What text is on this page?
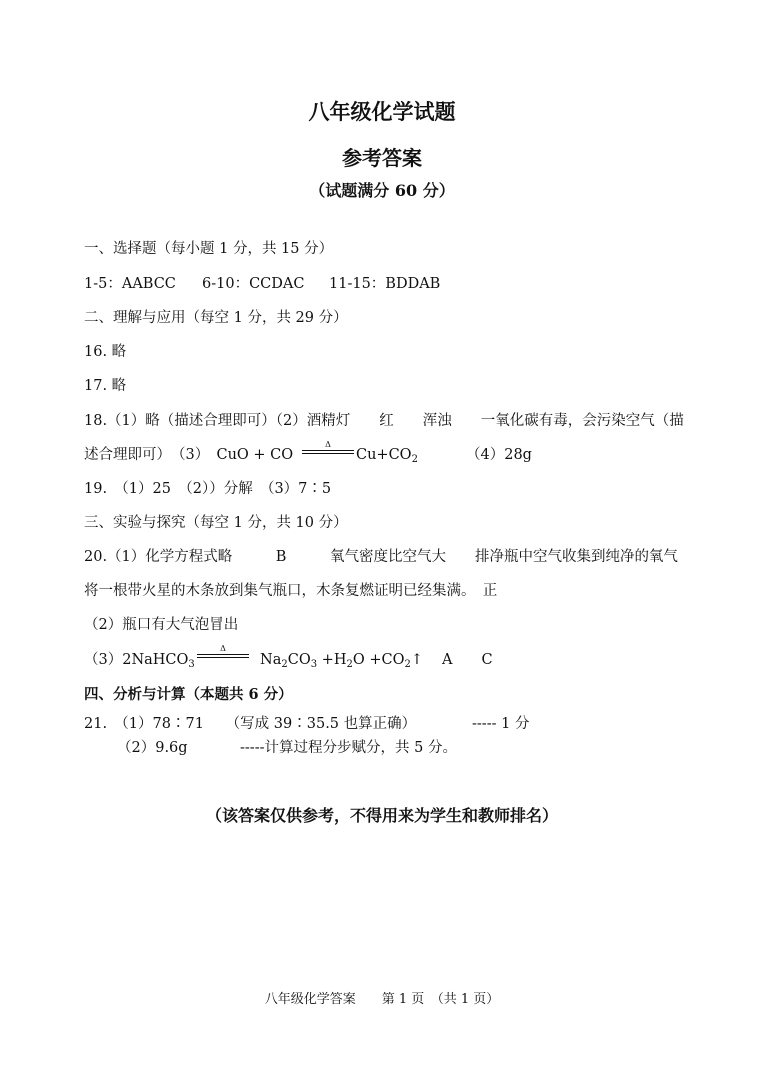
八年级化学试题
参考答案
（试题满分 60 分）
一、选择题（每小题 1 分，共 15 分）
1-5：AABCC 6-10：CCDAC 11-15：BDDAB
二、理解与应用（每空 1 分，共 29 分）
16. 略
17. 略
18.（1）略（描述合理即可）（2）酒精灯　　红　　浑浊　　一氧化碳有毒，会污染空气（描
述合理即可）　（3）　CuO + CO
Δ
$Cu+CO_2$	（4）28g
19.　（1）25　（2））分解　（3）7∶5
三、实验与探究（每空 1 分，共 10 分）
20.（1）化学方程式略　　　B　　　氧气密度比空气大　　排净瓶中空气收集到纯净的氧气
将一根带火星的木条放到集气瓶口，木条复燃证明已经集满。　正
（2）瓶口有大气泡冒出
（3）2NaHCO$_3$
Δ
$Na_2CO_3 +H_2O$ $+CO_2↑$ A　　C
四、分析与计算（本题共 6 分）
21.　（1）78∶71　　（写成 39∶35.5 也算正确）	----- 1 分
（2）9.6g	-----计算过程分步赋分，共 5 分。
（该答案仅供参考，不得用来为学生和教师排名）
八年级化学答案　　第 1 页　（共 1 页）
